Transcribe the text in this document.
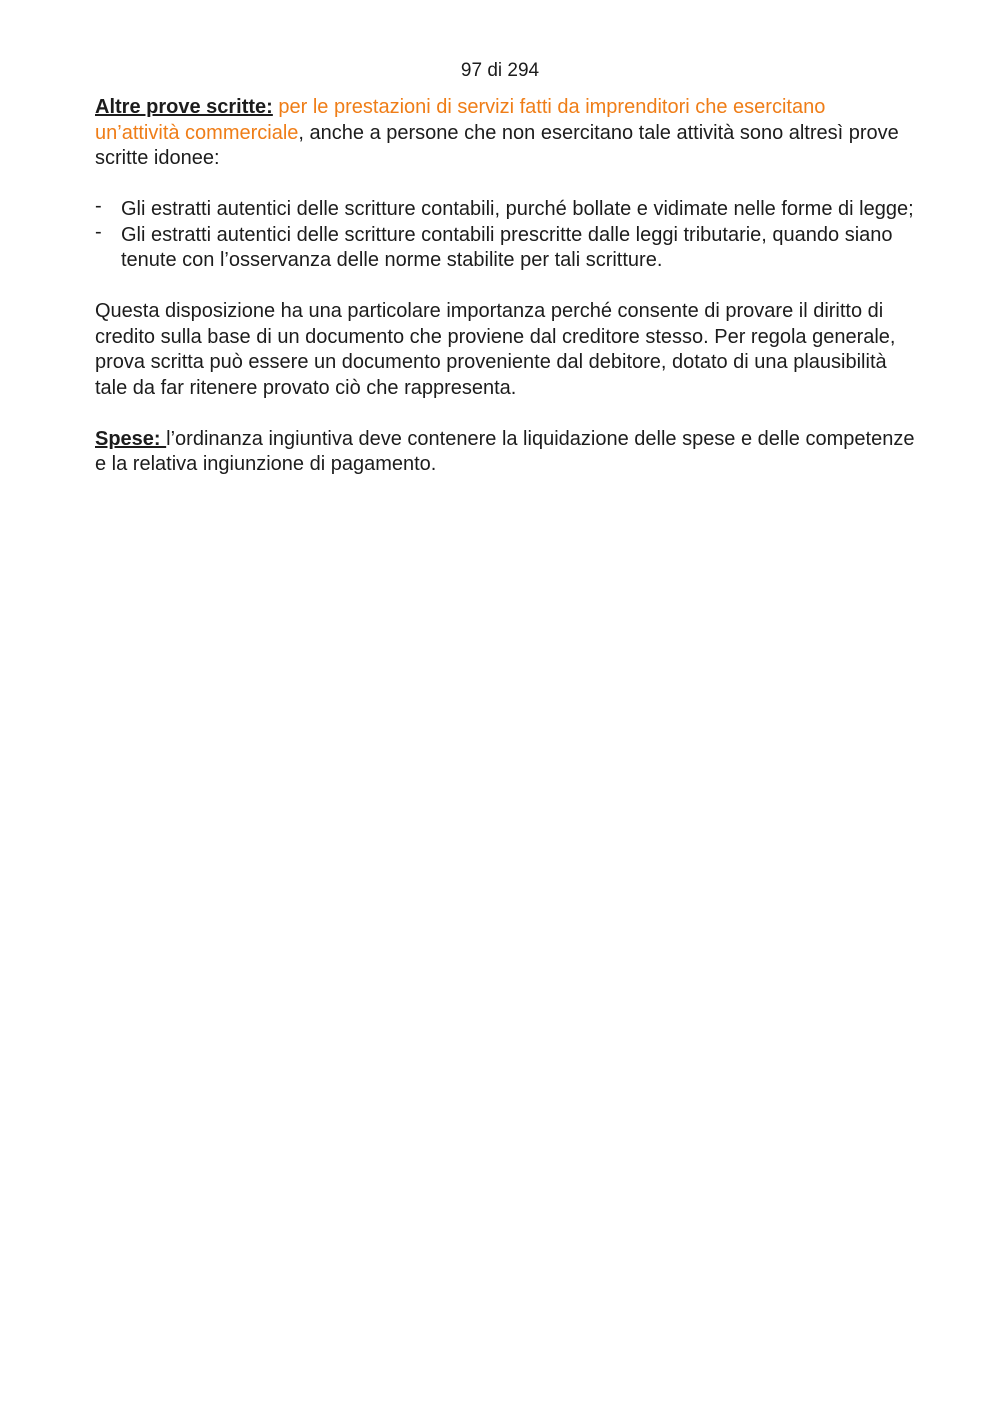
97 di 294

Altre prove scritte: per le prestazioni di servizi fatti da imprenditori che esercitano un’attività commerciale, anche a persone che non esercitano tale attività sono altresì prove scritte idonee:

- Gli estratti autentici delle scritture contabili, purché bollate e vidimate nelle forme di legge;
- Gli estratti autentici delle scritture contabili prescritte dalle leggi tributarie, quando siano tenute con l’osservanza delle norme stabilite per tali scritture.

Questa disposizione ha una particolare importanza perché consente di provare il diritto di credito sulla base di un documento che proviene dal creditore stesso. Per regola generale, prova scritta può essere un documento proveniente dal debitore, dotato di una plausibilità tale da far ritenere provato ciò che rappresenta.

Spese: l’ordinanza ingiuntiva deve contenere la liquidazione delle spese e delle competenze e la relativa ingiunzione di pagamento.
